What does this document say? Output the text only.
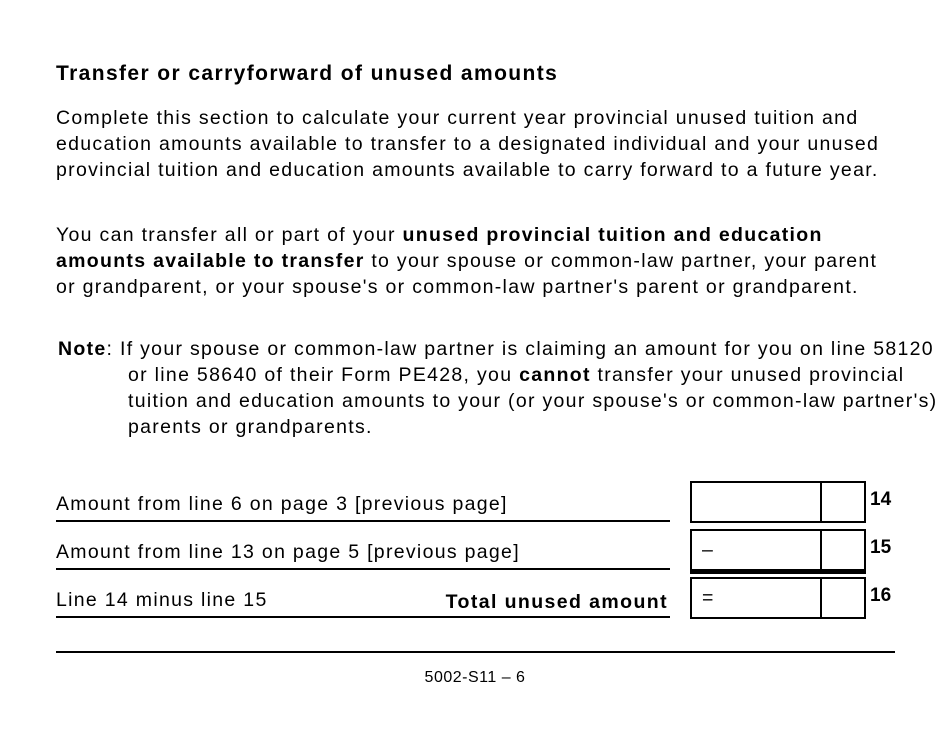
Transfer or carryforward of unused amounts

Complete this section to calculate your current year provincial unused tuition and education amounts available to transfer to a designated individual and your unused provincial tuition and education amounts available to carry forward to a future year.

You can transfer all or part of your unused provincial tuition and education amounts available to transfer to your spouse or common-law partner, your parent or grandparent, or your spouse's or common-law partner's parent or grandparent.

Note: If your spouse or common-law partner is claiming an amount for you on line 58120 or line 58640 of their Form PE428, you cannot transfer your unused provincial tuition and education amounts to your (or your spouse's or common-law partner's) parents or grandparents.

Amount from line 6 on page 3 [previous page]	14
Amount from line 13 on page 5 [previous page]	–	15
Line 14 minus line 15	Total unused amount =	16
5002-S11 – 6
